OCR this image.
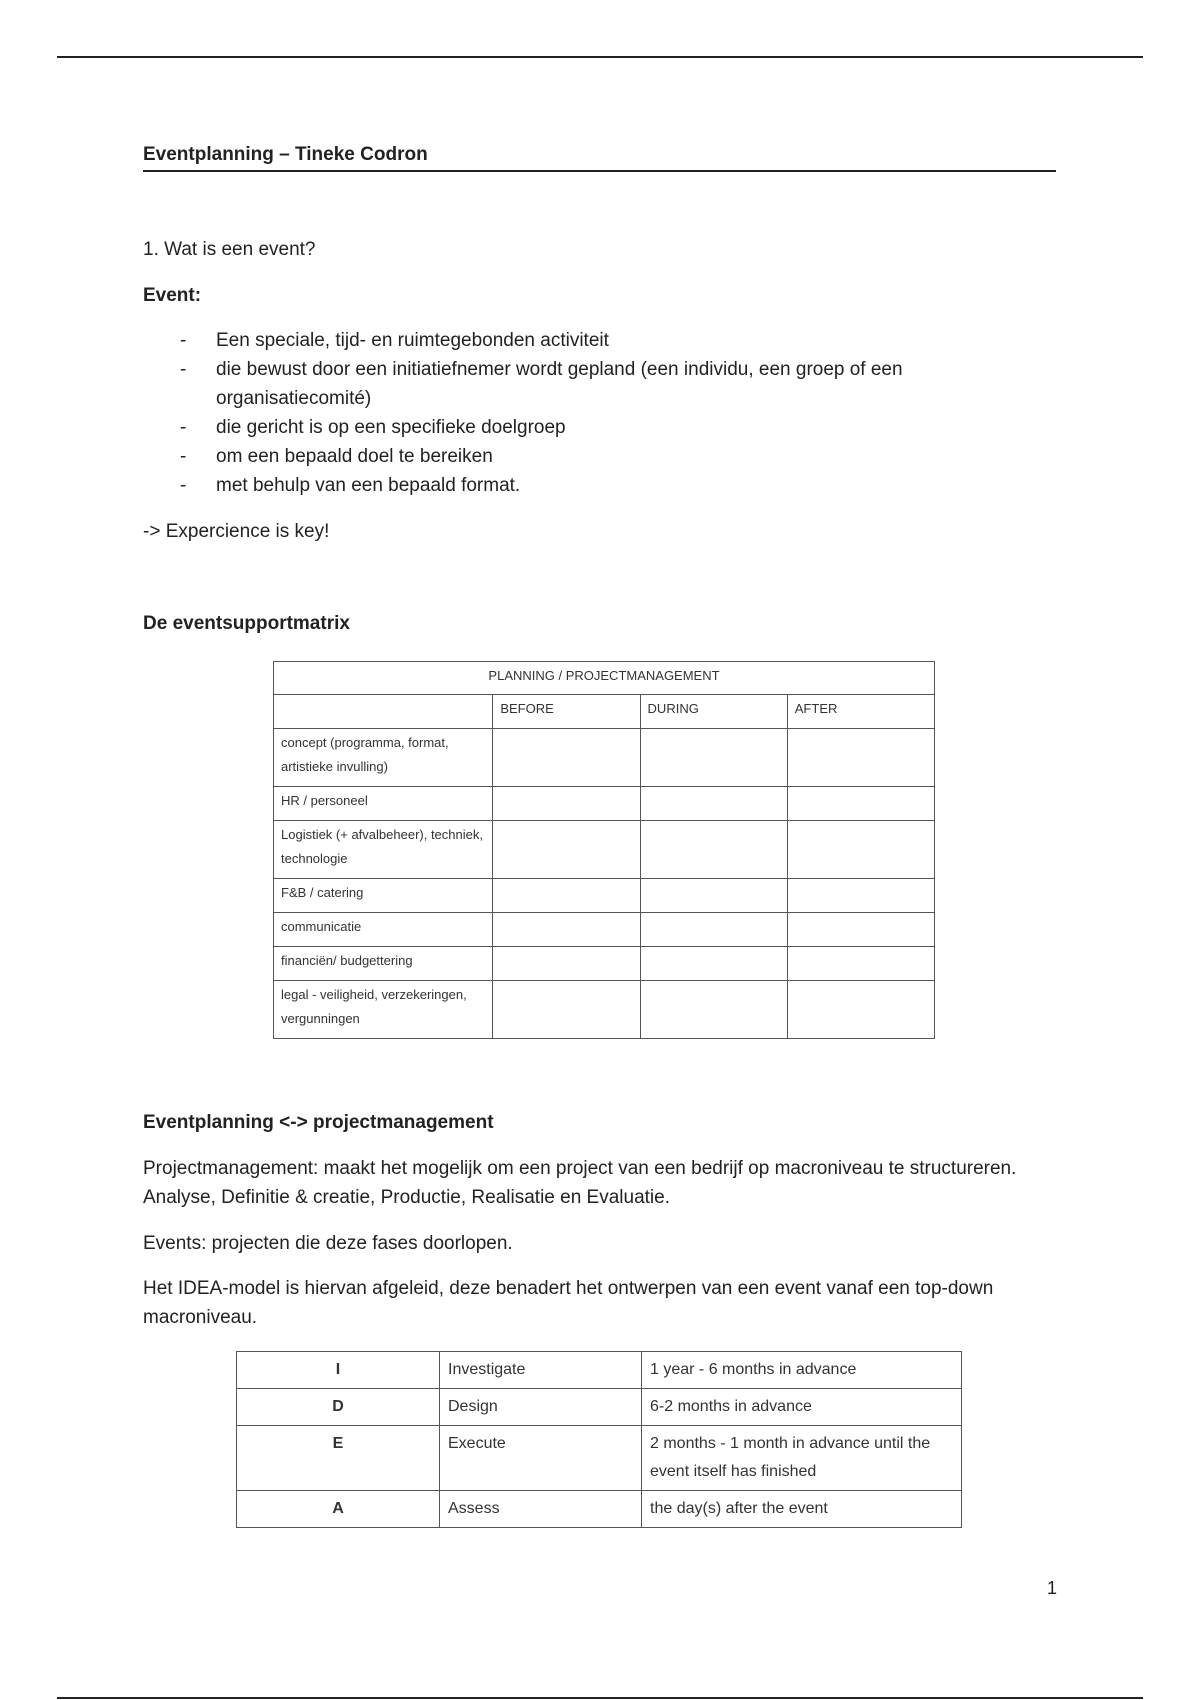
Eventplanning – Tineke Codron
1. Wat is een event?
Event:
- Een speciale, tijd- en ruimtegebonden activiteit
- die bewust door een initiatiefnemer wordt gepland (een individu, een groep of een organisatiecomité)
- die gericht is op een specifieke doelgroep
- om een bepaald doel te bereiken
- met behulp van een bepaald format.
-> Expercience is key!
De eventsupportmatrix
PLANNING / PROJECTMANAGEMENT			
	BEFORE	DURING	AFTER
concept (programma, format, artistieke invulling)			
HR / personeel			
Logistiek (+ afvalbeheer), techniek, technologie			
F&B / catering			
communicatie			
financiën/ budgettering			
legal - veiligheid, verzekeringen, vergunningen			
Eventplanning <-> projectmanagement
Projectmanagement: maakt het mogelijk om een project van een bedrijf op macroniveau te structureren. Analyse, Definitie & creatie, Productie, Realisatie en Evaluatie.
Events: projecten die deze fases doorlopen.
Het IDEA-model is hiervan afgeleid, deze benadert het ontwerpen van een event vanaf een top-down macroniveau.
I	Investigate	1 year - 6 months in advance
D	Design	6-2 months in advance
E	Execute	2 months - 1 month in advance until the event itself has finished
A	Assess	the day(s) after the event
1
